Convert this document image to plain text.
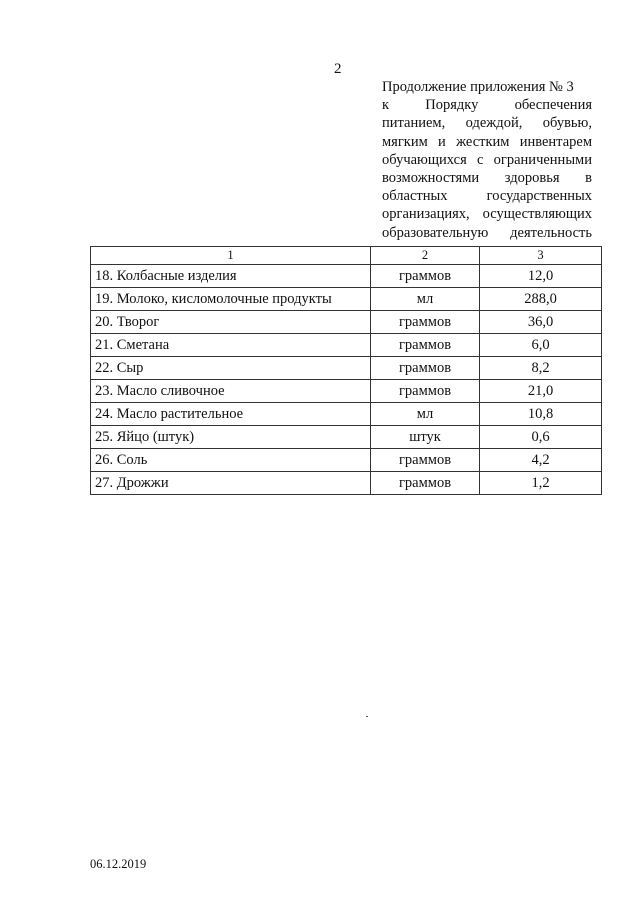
2
Продолжение приложения № 3
к Порядку обеспечения
питанием, одеждой, обувью,
мягким и жестким инвентарем
обучающихся с ограниченными
возможностями здоровья в
областных государственных
организациях, осуществляющих
образовательную деятельность
1	2	3
18. Колбасные изделия	граммов	12,0
19. Молоко, кисломолочные продукты	мл	288,0
20. Творог	граммов	36,0
21. Сметана	граммов	6,0
22. Сыр	граммов	8,2
23. Масло сливочное	граммов	21,0
24. Масло растительное	мл	10,8
25. Яйцо (штук)	штук	0,6
26. Соль	граммов	4,2
27. Дрожжи	граммов	1,2
06.12.2019
